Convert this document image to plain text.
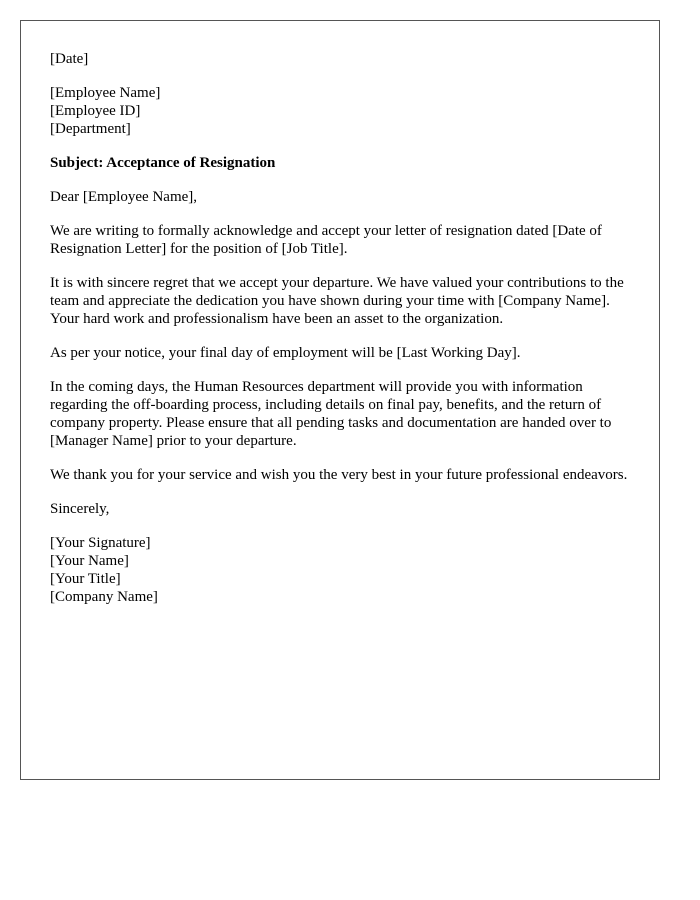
[Date]
[Employee Name]
[Employee ID]
[Department]
Subject: Acceptance of Resignation
Dear [Employee Name],

We are writing to formally acknowledge and accept your letter of resignation dated [Date of Resignation Letter] for the position of [Job Title].

It is with sincere regret that we accept your departure. We have valued your contributions to the team and appreciate the dedication you have shown during your time with [Company Name]. Your hard work and professionalism have been an asset to the organization.

As per your notice, your final day of employment will be [Last Working Day].

In the coming days, the Human Resources department will provide you with information regarding the off-boarding process, including details on final pay, benefits, and the return of company property. Please ensure that all pending tasks and documentation are handed over to [Manager Name] prior to your departure.

We thank you for your service and wish you the very best in your future professional endeavors.

Sincerely,
[Your Signature]
[Your Name]
[Your Title]
[Company Name]
